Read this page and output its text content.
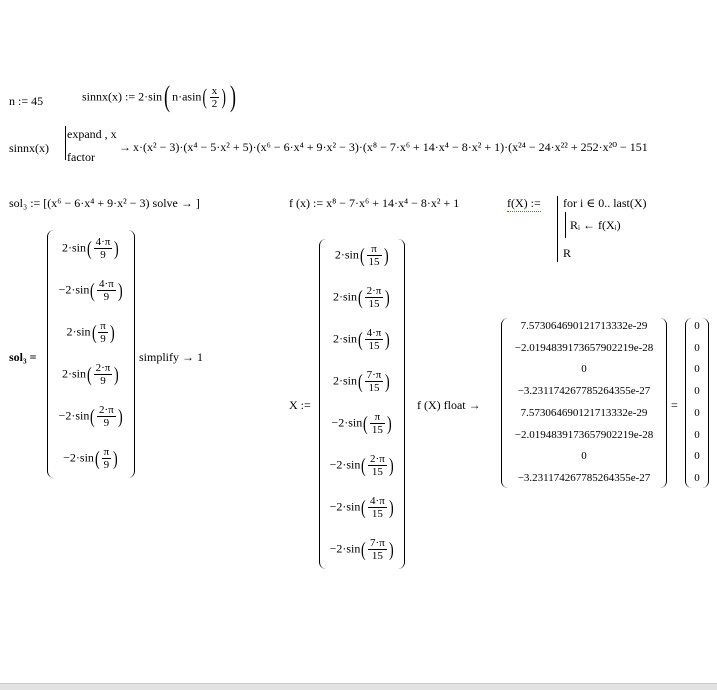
n := 45	sinnx(x) := 2·sin( $n\cdot asin( \frac{x}{2}$ ) )
sinnx(x)
expand , x
factor
→ x·(x² − 3)·(x⁴ − 5·x² + 5)·(x⁶ − 6·x⁴ + 9·x² − 3)·(x⁸ − 7·x⁶ + 14·x⁴ − 8·x² + 1)·(x²⁴ − 24·x²² + 252·x²⁰ − 151
sol₃ := [(x⁶ − 6·x⁴ + 9·x² − 3) solve → ]	f (x) := x⁸ − 7·x⁶ + 14·x⁴ − 8·x² + 1	f(X) := for i ∈ 0.. last(X)
Rᵢ ← f(Xᵢ)
R
sol₃ =
$2\cdot\sin( \frac{4\cdot\pi}{9}$ )
$-2\cdot\sin( \frac{4\cdot\pi}{9}$ )
$2\cdot\sin( \frac{\pi}{9}$ )
$2\cdot\sin( \frac{2\cdot\pi}{9}$ )
$-2\cdot\sin( \frac{2\cdot\pi}{9}$ )
$-2\cdot\sin( \frac{\pi}{9}$ )
simplify → 1
X :=
$2\cdot\sin( \frac{\pi}{15}$ )
$2\cdot\sin( \frac{2\cdot\pi}{15}$ )
$2\cdot\sin( \frac{4\cdot\pi}{15}$ )
$2\cdot\sin( \frac{7\cdot\pi}{15}$ )
$-2\cdot\sin( \frac{\pi}{15}$ )
$-2\cdot\sin( \frac{2\cdot\pi}{15}$ )
$-2\cdot\sin( \frac{4\cdot\pi}{15}$ )
$-2\cdot\sin( \frac{7\cdot\pi}{15}$ )
f (X) float →
7.573064690121713332e-29
−2.0194839173657902219e-28
0
−3.231174267785264355e-27
7.573064690121713332e-29
−2.0194839173657902219e-28
0
−3.231174267785264355e-27
=
0
0
0
0
0
0
0
0
